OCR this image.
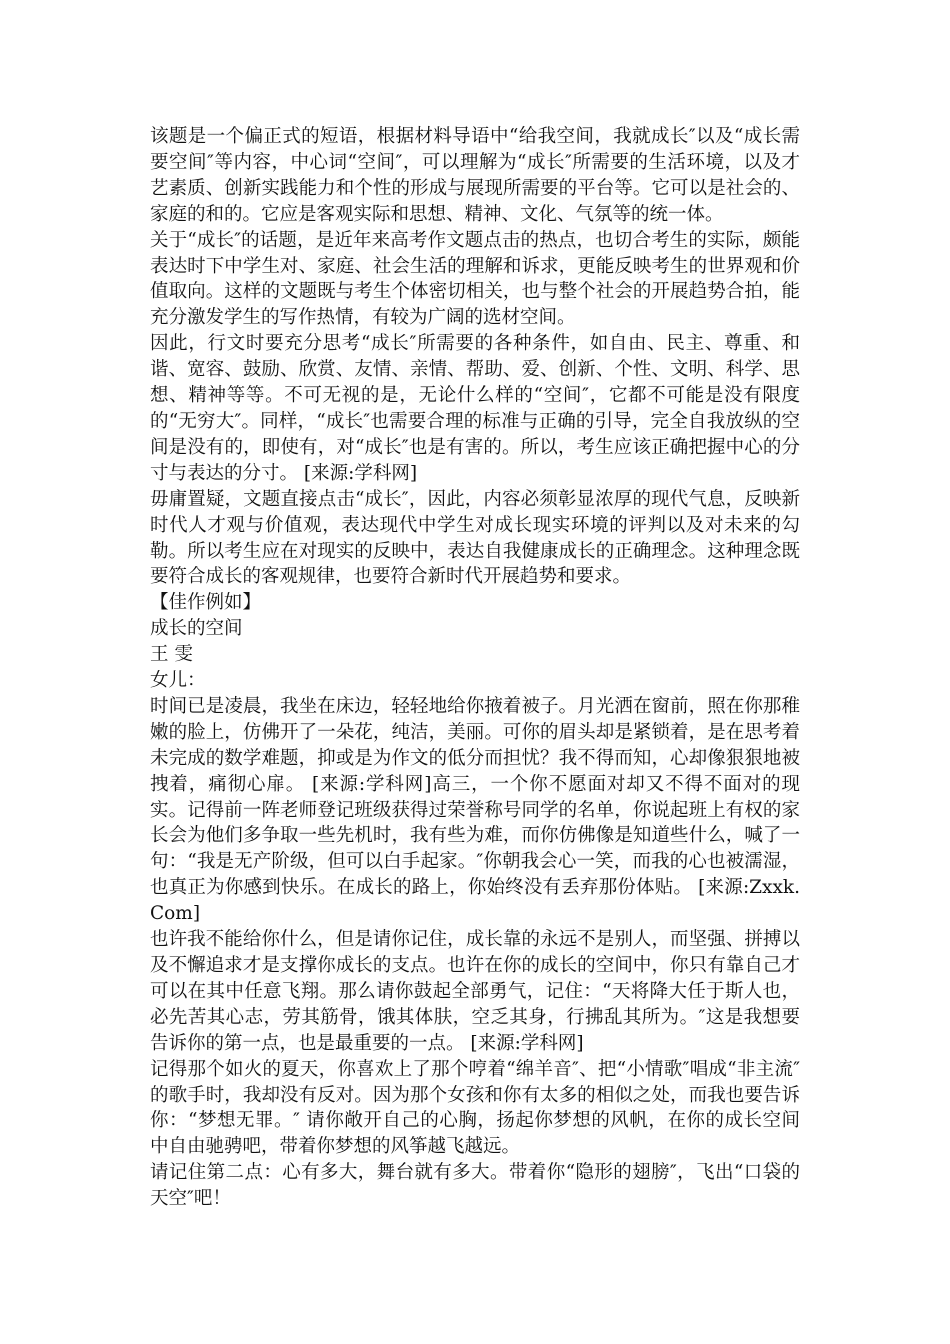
该题是一个偏正式的短语，根据材料导语中“给我空间，我就成长″以及“成长需要空间″等内容，中心词“空间″，可以理解为“成长″所需要的生活环境，以及才艺素质、创新实践能力和个性的形成与展现所需要的平台等。它可以是社会的、家庭的和的。它应是客观实际和思想、精神、文化、气氛等的统一体。

关于“成长″的话题，是近年来高考作文题点击的热点，也切合考生的实际，颇能表达时下中学生对、家庭、社会生活的理解和诉求，更能反映考生的世界观和价值取向。这样的文题既与考生个体密切相关，也与整个社会的开展趋势合拍，能充分激发学生的写作热情，有较为广阔的选材空间。

因此，行文时要充分思考“成长″所需要的各种条件，如自由、民主、尊重、和谐、宽容、鼓励、欣赏、友情、亲情、帮助、爱、创新、个性、文明、科学、思想、精神等等。不可无视的是，无论什么样的“空间″，它都不可能是没有限度的“无穷大″。同样，“成长″也需要合理的标准与正确的引导，完全自我放纵的空间是没有的，即使有，对“成长″也是有害的。所以，考生应该正确把握中心的分寸与表达的分寸。 [来源:学科网]

毋庸置疑，文题直接点击“成长″，因此，内容必须彰显浓厚的现代气息，反映新时代人才观与价值观，表达现代中学生对成长现实环境的评判以及对未来的勾勒。所以考生应在对现实的反映中，表达自我健康成长的正确理念。这种理念既要符合成长的客观规律，也要符合新时代开展趋势和要求。

【佳作例如】

成长的空间

王 雯

女儿：

时间已是凌晨，我坐在床边，轻轻地给你掖着被子。月光洒在窗前，照在你那稚嫩的脸上，仿佛开了一朵花，纯洁，美丽。可你的眉头却是紧锁着，是在思考着未完成的数学难题，抑或是为作文的低分而担忧？我不得而知，心却像狠狠地被拽着，痛彻心扉。 [来源:学科网]高三，一个你不愿面对却又不得不面对的现实。记得前一阵老师登记班级获得过荣誉称号同学的名单，你说起班上有权的家长会为他们多争取一些先机时，我有些为难，而你仿佛像是知道些什么，喊了一句：“我是无产阶级，但可以白手起家。″你朝我会心一笑，而我的心也被濡湿，也真正为你感到快乐。在成长的路上，你始终没有丢弃那份体贴。 [来源:Zxxk.Com]

也许我不能给你什么，但是请你记住，成长靠的永远不是别人，而坚强、拼搏以及不懈追求才是支撑你成长的支点。也许在你的成长的空间中，你只有靠自己才可以在其中任意飞翔。那么请你鼓起全部勇气，记住：“天将降大任于斯人也，必先苦其心志，劳其筋骨，饿其体肤，空乏其身，行拂乱其所为。″这是我想要告诉你的第一点，也是最重要的一点。 [来源:学科网]

记得那个如火的夏天，你喜欢上了那个哼着“绵羊音″、把“小情歌″唱成“非主流″的歌手时，我却没有反对。因为那个女孩和你有太多的相似之处，而我也要告诉你：“梦想无罪。″ 请你敞开自己的心胸，扬起你梦想的风帆，在你的成长空间中自由驰骋吧，带着你梦想的风筝越飞越远。

请记住第二点：心有多大，舞台就有多大。带着你“隐形的翅膀″，飞出“口袋的天空″吧！
